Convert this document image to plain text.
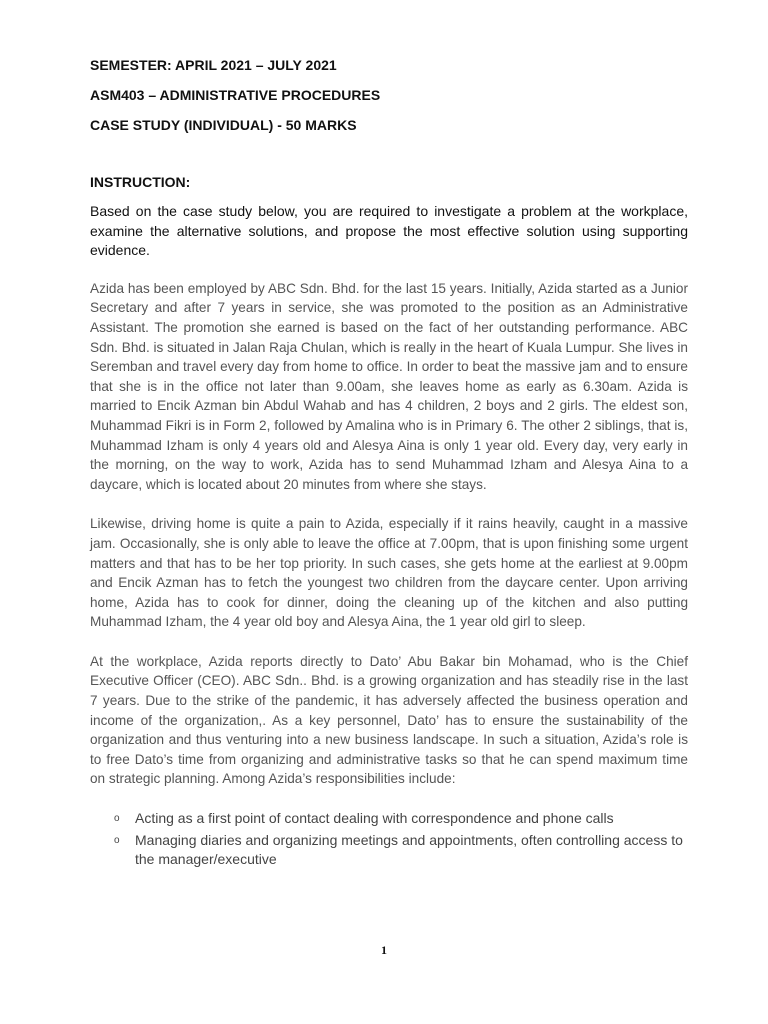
SEMESTER: APRIL 2021 – JULY 2021
ASM403 – ADMINISTRATIVE PROCEDURES
CASE STUDY (INDIVIDUAL) - 50 MARKS
INSTRUCTION:

Based on the case study below, you are required to investigate a problem at the workplace, examine the alternative solutions, and propose the most effective solution using supporting evidence.

Azida has been employed by ABC Sdn. Bhd. for the last 15 years. Initially, Azida started as a Junior Secretary and after 7 years in service, she was promoted to the position as an Administrative Assistant. The promotion she earned is based on the fact of her outstanding performance. ABC Sdn. Bhd. is situated in Jalan Raja Chulan, which is really in the heart of Kuala Lumpur. She lives in Seremban and travel every day from home to office. In order to beat the massive jam and to ensure that she is in the office not later than 9.00am, she leaves home as early as 6.30am. Azida is married to Encik Azman bin Abdul Wahab and has 4 children, 2 boys and 2 girls. The eldest son, Muhammad Fikri is in Form 2, followed by Amalina who is in Primary 6. The other 2 siblings, that is, Muhammad Izham is only 4 years old and Alesya Aina is only 1 year old. Every day, very early in the morning, on the way to work, Azida has to send Muhammad Izham and Alesya Aina to a daycare, which is located about 20 minutes from where she stays.

Likewise, driving home is quite a pain to Azida, especially if it rains heavily, caught in a massive jam. Occasionally, she is only able to leave the office at 7.00pm, that is upon finishing some urgent matters and that has to be her top priority. In such cases, she gets home at the earliest at 9.00pm and Encik Azman has to fetch the youngest two children from the daycare center. Upon arriving home, Azida has to cook for dinner, doing the cleaning up of the kitchen and also putting Muhammad Izham, the 4 year old boy and Alesya Aina, the 1 year old girl to sleep.

At the workplace, Azida reports directly to Dato’ Abu Bakar bin Mohamad, who is the Chief Executive Officer (CEO). ABC Sdn.. Bhd. is a growing organization and has steadily rise in the last 7 years. Due to the strike of the pandemic, it has adversely affected the business operation and income of the organization,. As a key personnel, Dato’ has to ensure the sustainability of the organization and thus venturing into a new business landscape. In such a situation, Azida’s role is to free Dato’s time from organizing and administrative tasks so that he can spend maximum time on strategic planning. Among Azida’s responsibilities include:

o Acting as a first point of contact dealing with correspondence and phone calls
o Managing diaries and organizing meetings and appointments, often controlling access to the manager/executive
1
